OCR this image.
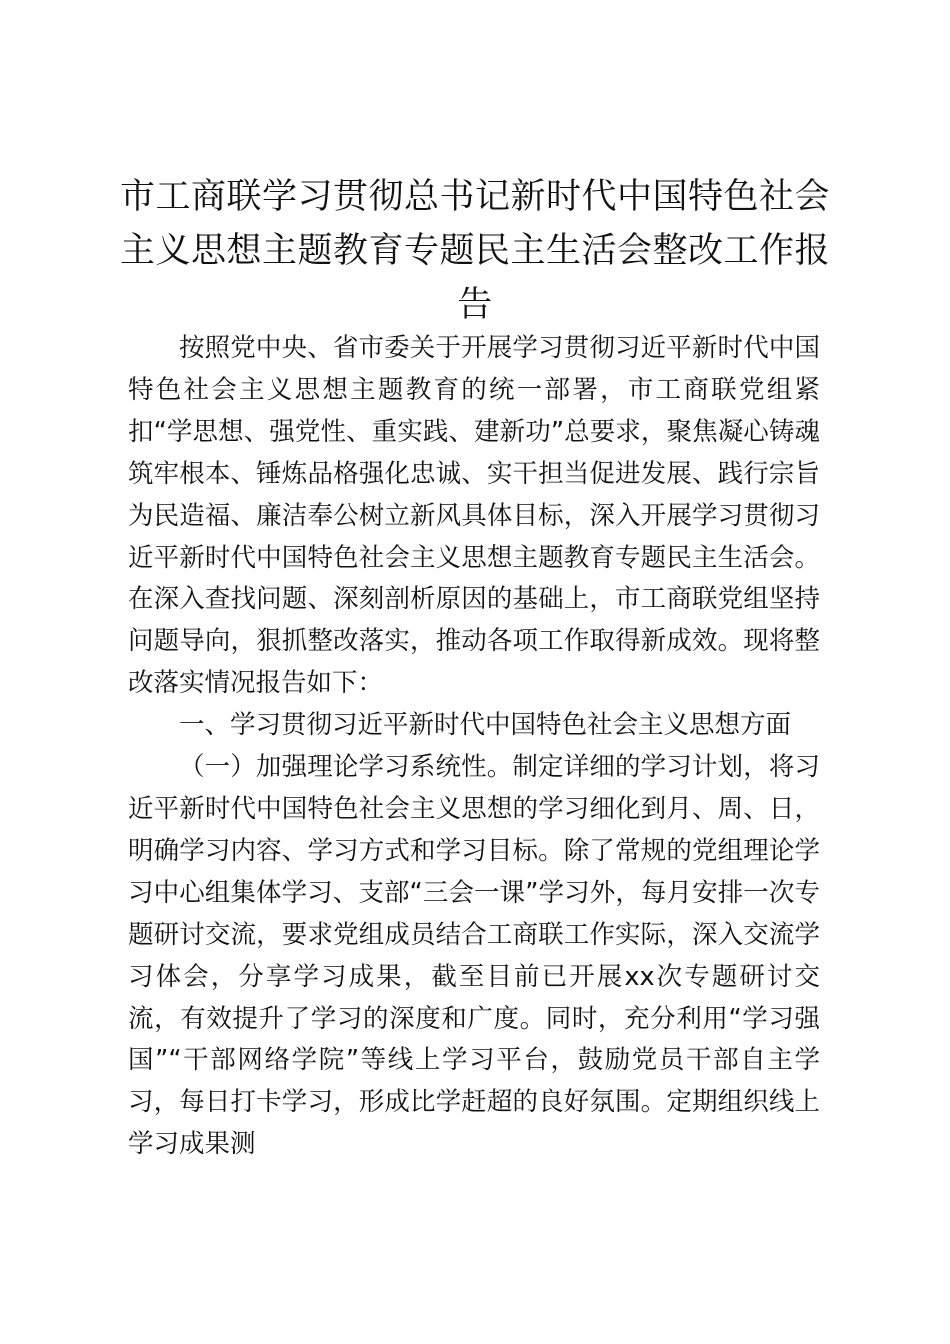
市工商联学习贯彻总书记新时代中国特色社会主义思想主题教育专题民主生活会整改工作报告

按照党中央、省市委关于开展学习贯彻习近平新时代中国特色社会主义思想主题教育的统一部署，市工商联党组紧扣“学思想、强党性、重实践、建新功”总要求，聚焦凝心铸魂筑牢根本、锤炼品格强化忠诚、实干担当促进发展、践行宗旨为民造福、廉洁奉公树立新风具体目标，深入开展学习贯彻习近平新时代中国特色社会主义思想主题教育专题民主生活会。在深入查找问题、深刻剖析原因的基础上，市工商联党组坚持问题导向，狠抓整改落实，推动各项工作取得新成效。现将整改落实情况报告如下：

一、学习贯彻习近平新时代中国特色社会主义思想方面

（一）加强理论学习系统性。制定详细的学习计划，将习近平新时代中国特色社会主义思想的学习细化到月、周、日，明确学习内容、学习方式和学习目标。除了常规的党组理论学习中心组集体学习、支部“三会一课”学习外，每月安排一次专题研讨交流，要求党组成员结合工商联工作实际，深入交流学习体会，分享学习成果，截至目前已开展xx次专题研讨交流，有效提升了学习的深度和广度。同时，充分利用“学习强国”“干部网络学院”等线上学习平台，鼓励党员干部自主学习，每日打卡学习，形成比学赶超的良好氛围。定期组织线上学习成果测
